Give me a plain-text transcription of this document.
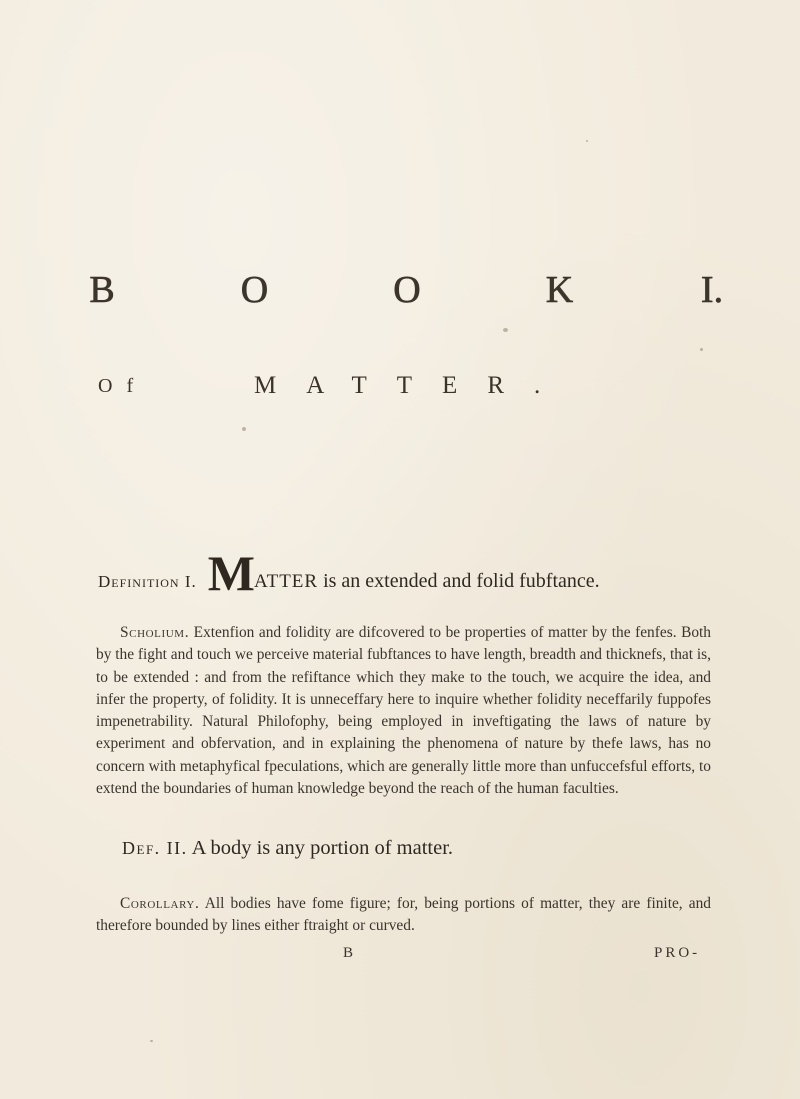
B	O	O	K	I.
Of	MATTER.
Definition I. MATTER is an extended and folid fubftance.

Scholium. Extenfion and folidity are difcovered to be properties of matter by the fenfes. Both by the fight and touch we perceive material fubftances to have length, breadth and thicknefs, that is, to be extended : and from the refiftance which they make to the touch, we acquire the idea, and infer the property, of folidity. It is unneceffary here to inquire whether folidity neceffarily fuppofes impenetrability. Natural Philofophy, being employed in inveftigating the laws of nature by experiment and obfervation, and in explaining the phenomena of nature by thefe laws, has no concern with metaphyfical fpeculations, which are generally little more than unfuccefsful efforts, to extend the boundaries of human knowledge beyond the reach of the human faculties.

Def. II. A body is any portion of matter.

Corollary. All bodies have fome figure; for, being portions of matter, they are finite, and therefore bounded by lines either ftraight or curved.

B	PRO-
